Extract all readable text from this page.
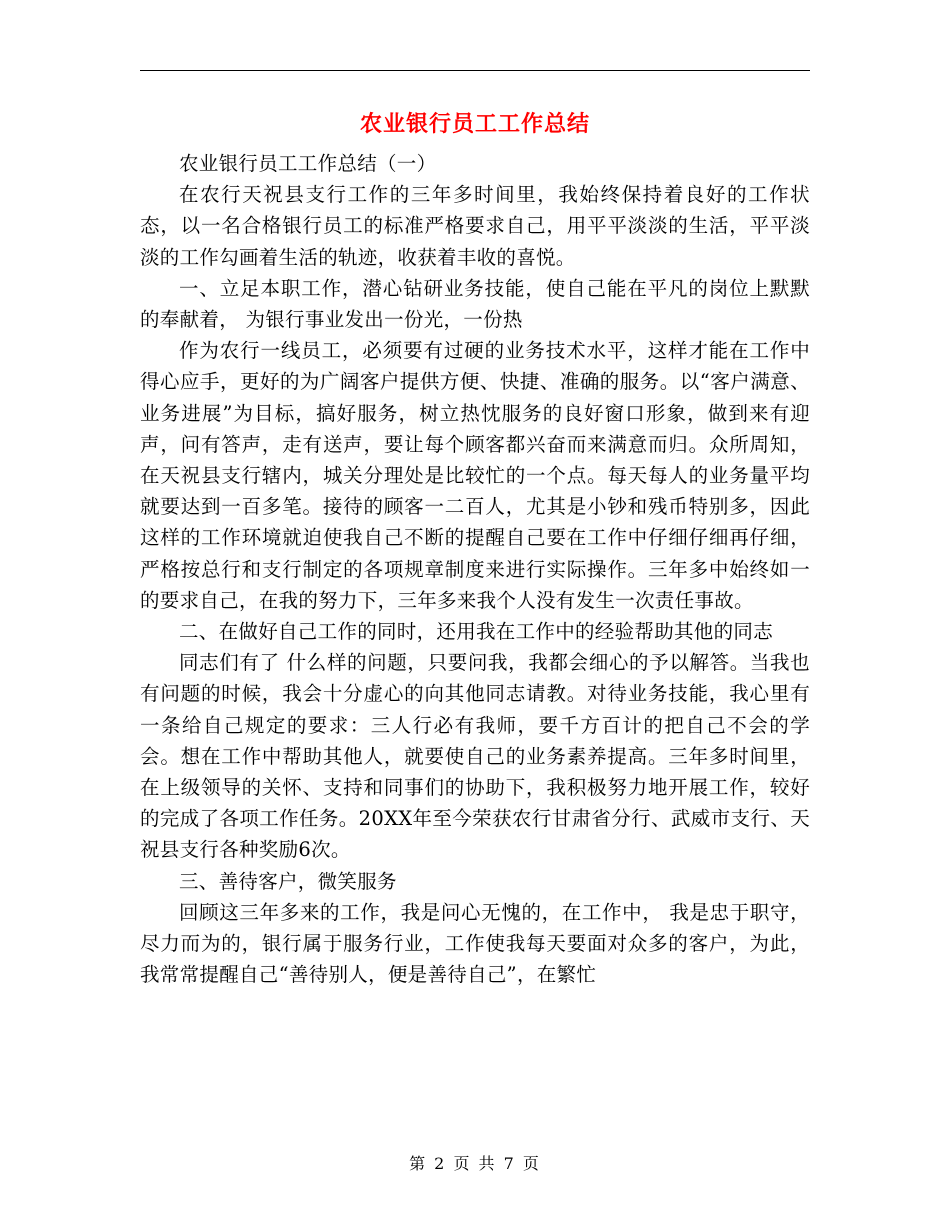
农业银行员工工作总结

农业银行员工工作总结（一）

在农行天祝县支行工作的三年多时间里，我始终保持着良好的工作状态，以一名合格银行员工的标准严格要求自己，用平平淡淡的生活，平平淡淡的工作勾画着生活的轨迹，收获着丰收的喜悦。

一、立足本职工作，潜心钻研业务技能，使自己能在平凡的岗位上默默的奉献着， 为银行事业发出一份光，一份热

作为农行一线员工，必须要有过硬的业务技术水平，这样才能在工作中得心应手，更好的为广阔客户提供方便、快捷、准确的服务。以“客户满意、业务进展”为目标，搞好服务，树立热忱服务的良好窗口形象，做到来有迎声，问有答声，走有送声，要让每个顾客都兴奋而来满意而归。众所周知，在天祝县支行辖内，城关分理处是比较忙的一个点。每天每人的业务量平均就要达到一百多笔。接待的顾客一二百人，尤其是小钞和残币特别多，因此这样的工作环境就迫使我自己不断的提醒自己要在工作中仔细仔细再仔细，严格按总行和支行制定的各项规章制度来进行实际操作。三年多中始终如一的要求自己，在我的努力下，三年多来我个人没有发生一次责任事故。

二、在做好自己工作的同时，还用我在工作中的经验帮助其他的同志

同志们有了 什么样的问题，只要问我，我都会细心的予以解答。当我也有问题的时候，我会十分虚心的向其他同志请教。对待业务技能，我心里有一条给自己规定的要求：三人行必有我师，要千方百计的把自己不会的学会。想在工作中帮助其他人，就要使自己的业务素养提高。三年多时间里，在上级领导的关怀、支持和同事们的协助下，我积极努力地开展工作，较好的完成了各项工作任务。20XX年至今荣获农行甘肃省分行、武威市支行、天祝县支行各种奖励6次。

三、善待客户，微笑服务

回顾这三年多来的工作，我是问心无愧的，在工作中， 我是忠于职守，尽力而为的，银行属于服务行业，工作使我每天要面对众多的客户，为此，我常常提醒自己“善待别人，便是善待自己”，在繁忙

第 2 页 共 7 页
